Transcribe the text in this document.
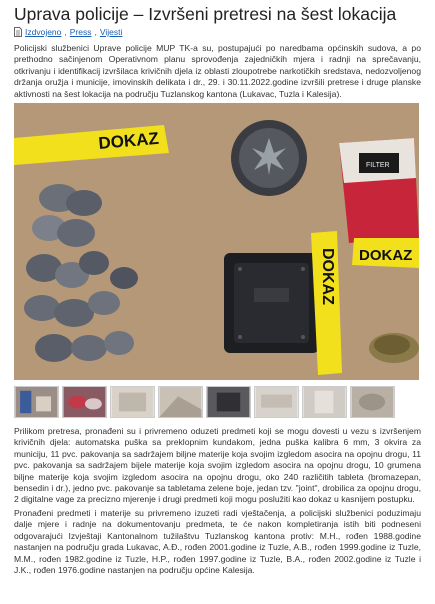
Uprava policije – Izvršeni pretresi na šest lokacija
Izdvojeno , Press , Vijesti

Policijski službenici Uprave policije MUP TK-a su, postupajući po naredbama općinskih sudova, a po prethodno sačinjenom Operativnom planu sprovođenja zajedničkih mjera i radnji na sprečavanju, otkrivanju i identifikacij izvršilaca krivičnih djela iz oblasti zloupotrebe narkotičkih sredstava, nedozvoljenog držanja oružja i municije, imovinskih delikata i dr., 29. i 30.11.2022.godine izvršili pretrese i druge planske aktivnosti na šest lokacija na području Tuzlanskog kantona (Lukavac, Tuzla i Kalesija).

DOKAZ
FILTER
DOKAZ DOKAZ

Prilikom pretresa, pronađeni su i privremeno oduzeti predmeti koji se mogu dovesti u vezu s izvršenjem krivičnih djela: automatska puška sa preklopnim kundakom, jedna puška kalibra 6 mm, 3 okvira za municiju, 11 pvc. pakovanja sa sadržajem biljne materije koja svojim izgledom asocira na opojnu drogu, 11 pvc. pakovanja sa sadržajem bijele materije koja svojim izgledom asocira na opojnu drogu, 10 grumena biljne materije koja svojim izgledom asocira na opojnu drogu, oko 240 različitih tableta (bromazepan, bensedin i dr.), jedno pvc. pakovanje sa tabletama zelene boje, jedan tzv. "joint", drobilica za opojnu drogu, 2 digitalne vage za precizno mjerenje i drugi predmeti koji mogu poslužiti kao dokaz u kasnijem postupku.

Pronađeni predmeti i materije su privremeno izuzeti radi vještačenja, a policijski službenici poduzimaju dalje mjere i radnje na dokumentovanju predmeta, te će nakon kompletiranja istih biti podneseni odgovarajući Izvještaji Kantonalnom tužilaštvu Tuzlanskog kantona protiv: M.H., rođen 1988.godine nastanjen na području grada Lukavac, A.Đ., rođen 2001.godine iz Tuzle, A.B., rođen 1999.godine iz Tuzle, M.M., rođen 1982.godine iz Tuzle, H.P., rođen 1997.godine iz Tuzle, B.A., rođen 2002.godine iz Tuzle i J.K., rođen 1976.godine nastanjen na području općine Kalesija.
